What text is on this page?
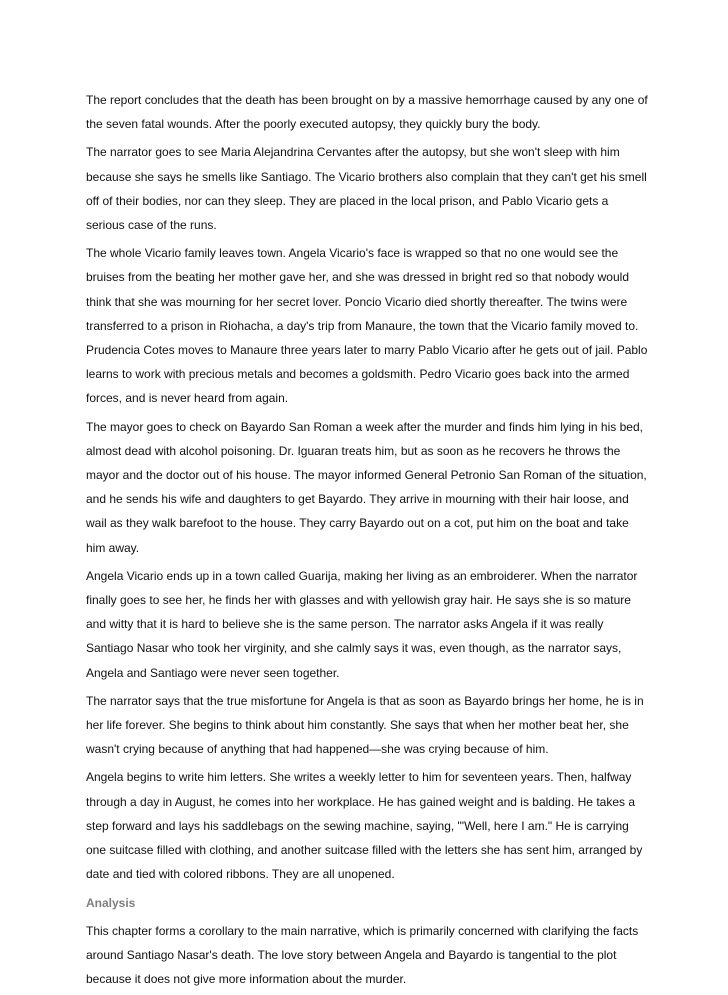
The report concludes that the death has been brought on by a massive hemorrhage caused by any one of the seven fatal wounds. After the poorly executed autopsy, they quickly bury the body.

The narrator goes to see Maria Alejandrina Cervantes after the autopsy, but she won't sleep with him because she says he smells like Santiago. The Vicario brothers also complain that they can't get his smell off of their bodies, nor can they sleep. They are placed in the local prison, and Pablo Vicario gets a serious case of the runs.

The whole Vicario family leaves town. Angela Vicario's face is wrapped so that no one would see the bruises from the beating her mother gave her, and she was dressed in bright red so that nobody would think that she was mourning for her secret lover. Poncio Vicario died shortly thereafter. The twins were transferred to a prison in Riohacha, a day's trip from Manaure, the town that the Vicario family moved to. Prudencia Cotes moves to Manaure three years later to marry Pablo Vicario after he gets out of jail. Pablo learns to work with precious metals and becomes a goldsmith. Pedro Vicario goes back into the armed forces, and is never heard from again.

The mayor goes to check on Bayardo San Roman a week after the murder and finds him lying in his bed, almost dead with alcohol poisoning. Dr. Iguaran treats him, but as soon as he recovers he throws the mayor and the doctor out of his house. The mayor informed General Petronio San Roman of the situation, and he sends his wife and daughters to get Bayardo. They arrive in mourning with their hair loose, and wail as they walk barefoot to the house. They carry Bayardo out on a cot, put him on the boat and take him away.

Angela Vicario ends up in a town called Guarija, making her living as an embroiderer. When the narrator finally goes to see her, he finds her with glasses and with yellowish gray hair. He says she is so mature and witty that it is hard to believe she is the same person. The narrator asks Angela if it was really Santiago Nasar who took her virginity, and she calmly says it was, even though, as the narrator says, Angela and Santiago were never seen together.

The narrator says that the true misfortune for Angela is that as soon as Bayardo brings her home, he is in her life forever. She begins to think about him constantly. She says that when her mother beat her, she wasn't crying because of anything that had happened—she was crying because of him.

Angela begins to write him letters. She writes a weekly letter to him for seventeen years. Then, halfway through a day in August, he comes into her workplace. He has gained weight and is balding. He takes a step forward and lays his saddlebags on the sewing machine, saying, "'Well, here I am." He is carrying one suitcase filled with clothing, and another suitcase filled with the letters she has sent him, arranged by date and tied with colored ribbons. They are all unopened.

Analysis

This chapter forms a corollary to the main narrative, which is primarily concerned with clarifying the facts around Santiago Nasar's death. The love story between Angela and Bayardo is tangential to the plot because it does not give more information about the murder.
